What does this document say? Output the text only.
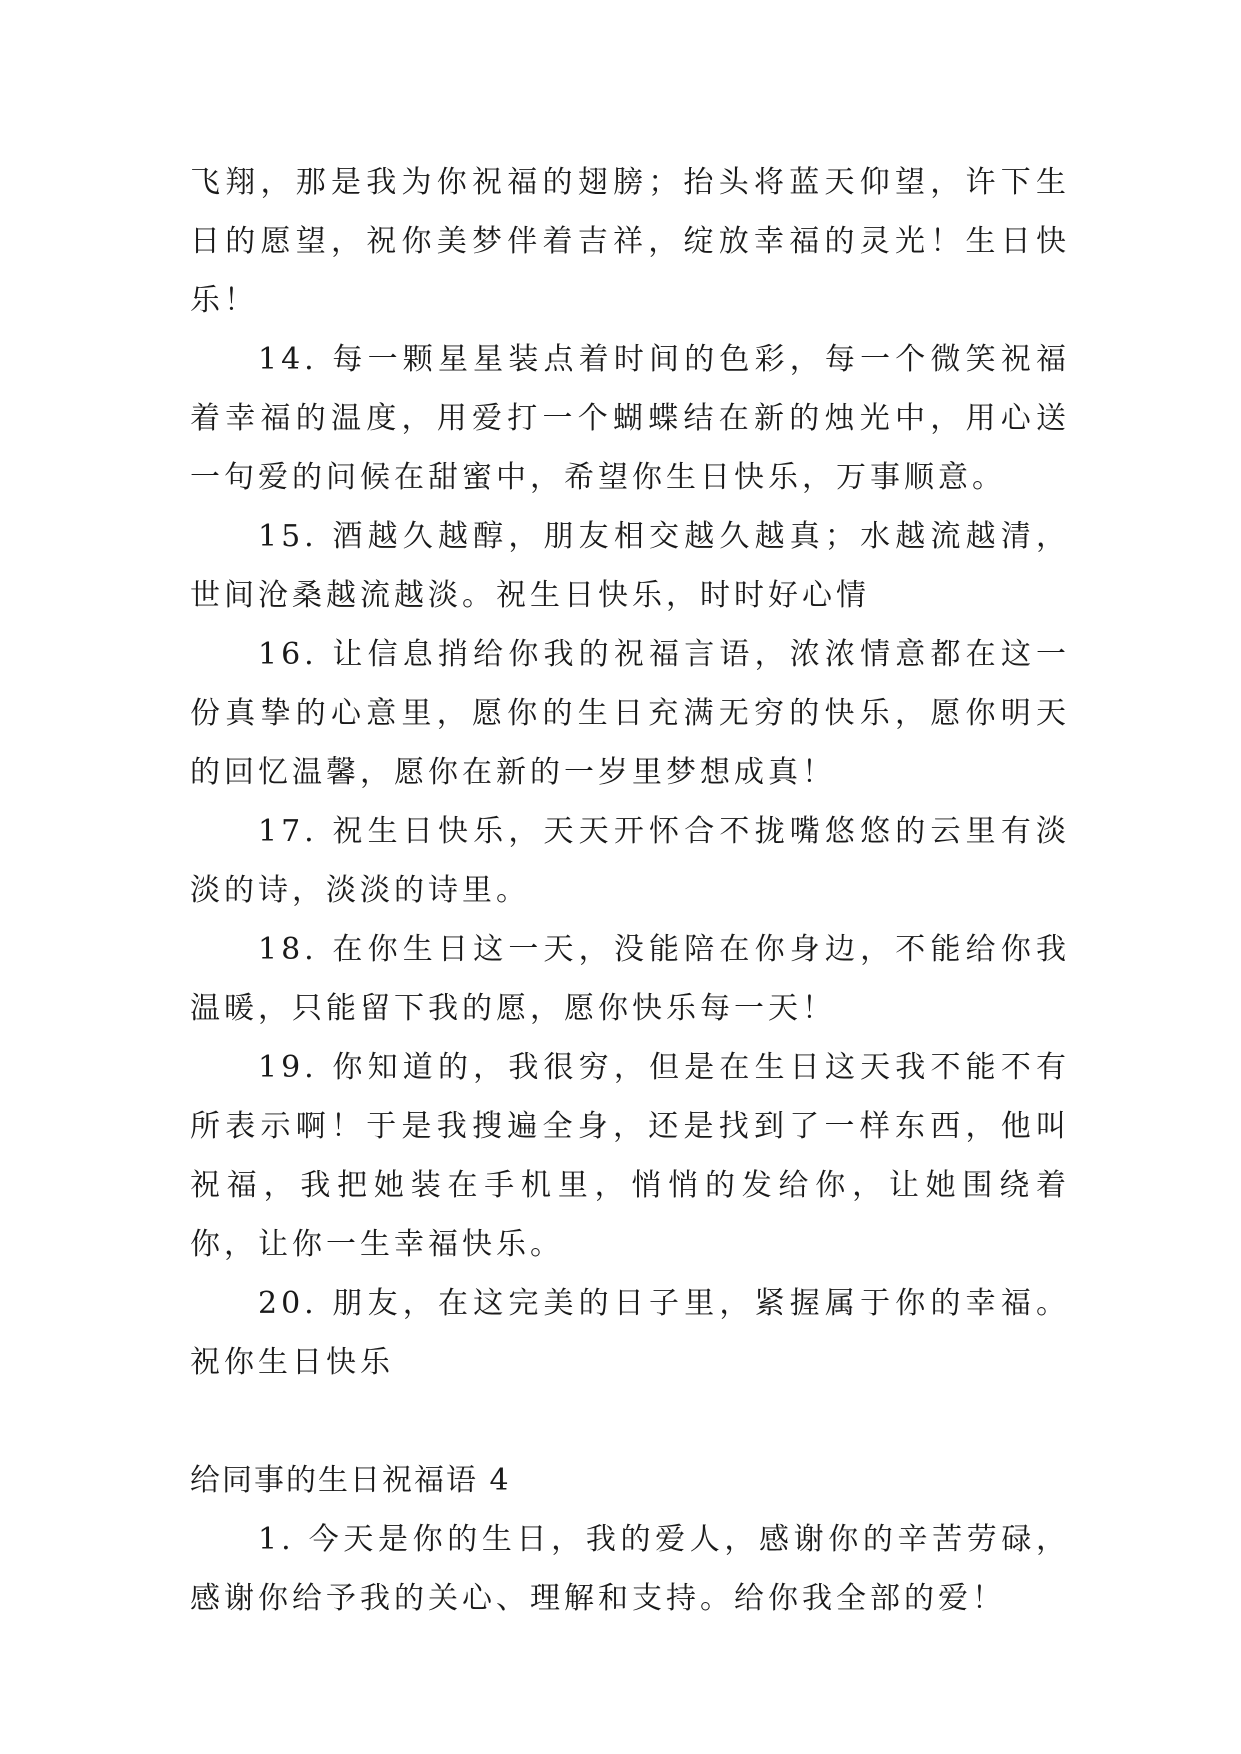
飞翔，那是我为你祝福的翅膀；抬头将蓝天仰望，许下生日的愿望，祝你美梦伴着吉祥，绽放幸福的灵光！生日快乐！

14. 每一颗星星装点着时间的色彩，每一个微笑祝福着幸福的温度，用爱打一个蝴蝶结在新的烛光中，用心送一句爱的问候在甜蜜中，希望你生日快乐，万事顺意。

15. 酒越久越醇，朋友相交越久越真；水越流越清，世间沧桑越流越淡。祝生日快乐，时时好心情

16. 让信息捎给你我的祝福言语，浓浓情意都在这一份真挚的心意里，愿你的生日充满无穷的快乐，愿你明天的回忆温馨，愿你在新的一岁里梦想成真！

17. 祝生日快乐，天天开怀合不拢嘴悠悠的云里有淡淡的诗，淡淡的诗里。

18. 在你生日这一天，没能陪在你身边，不能给你我温暖，只能留下我的愿，愿你快乐每一天！

19. 你知道的，我很穷，但是在生日这天我不能不有所表示啊！于是我搜遍全身，还是找到了一样东西，他叫祝福，我把她装在手机里，悄悄的发给你，让她围绕着你，让你一生幸福快乐。

20. 朋友，在这完美的日子里，紧握属于你的幸福。祝你生日快乐

给同事的生日祝福语 4

1. 今天是你的生日，我的爱人，感谢你的辛苦劳碌，感谢你给予我的关心、理解和支持。给你我全部的爱！
